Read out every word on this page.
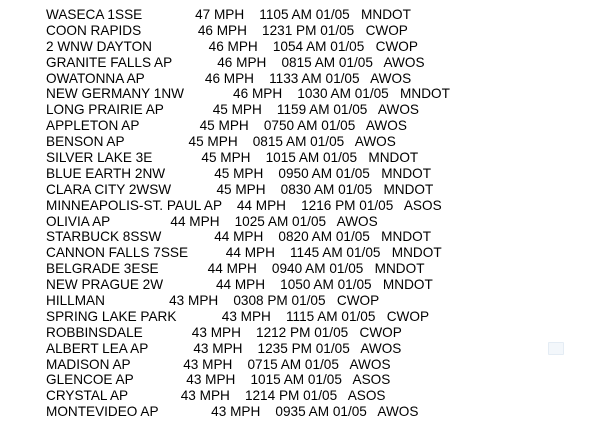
WASECA 1SSE              47 MPH    1105 AM 01/05   MNDOT
COON RAPIDS               46 MPH    1231 PM 01/05   CWOP
2 WNW DAYTON               46 MPH    1054 AM 01/05   CWOP
GRANITE FALLS AP            46 MPH    0815 AM 01/05   AWOS
OWATONNA AP                46 MPH    1133 AM 01/05   AWOS
NEW GERMANY 1NW             46 MPH    1030 AM 01/05   MNDOT
LONG PRAIRIE AP             45 MPH    1159 AM 01/05   AWOS
APPLETON AP                45 MPH    0750 AM 01/05   AWOS
BENSON AP                 45 MPH    0815 AM 01/05   AWOS
SILVER LAKE 3E             45 MPH    1015 AM 01/05   MNDOT
BLUE EARTH 2NW             45 MPH    0950 AM 01/05   MNDOT
CLARA CITY 2WSW            45 MPH    0830 AM 01/05   MNDOT
MINNEAPOLIS-ST. PAUL AP    44 MPH    1216 PM 01/05   ASOS
OLIVIA AP                44 MPH    1025 AM 01/05   AWOS
STARBUCK 8SSW              44 MPH    0820 AM 01/05   MNDOT
CANNON FALLS 7SSE          44 MPH    1145 AM 01/05   MNDOT
BELGRADE 3ESE             44 MPH    0940 AM 01/05   MNDOT
NEW PRAGUE 2W              44 MPH    1050 AM 01/05   MNDOT
HILLMAN                 43 MPH    0308 PM 01/05   CWOP
SPRING LAKE PARK            43 MPH    1115 AM 01/05   CWOP
ROBBINSDALE             43 MPH    1212 PM 01/05   CWOP
ALBERT LEA AP            43 MPH    1235 PM 01/05   AWOS
MADISON AP              43 MPH    0715 AM 01/05   AWOS
GLENCOE AP              43 MPH    1015 AM 01/05   ASOS
CRYSTAL AP              43 MPH    1214 PM 01/05   ASOS
MONTEVIDEO AP              43 MPH    0935 AM 01/05   AWOS
